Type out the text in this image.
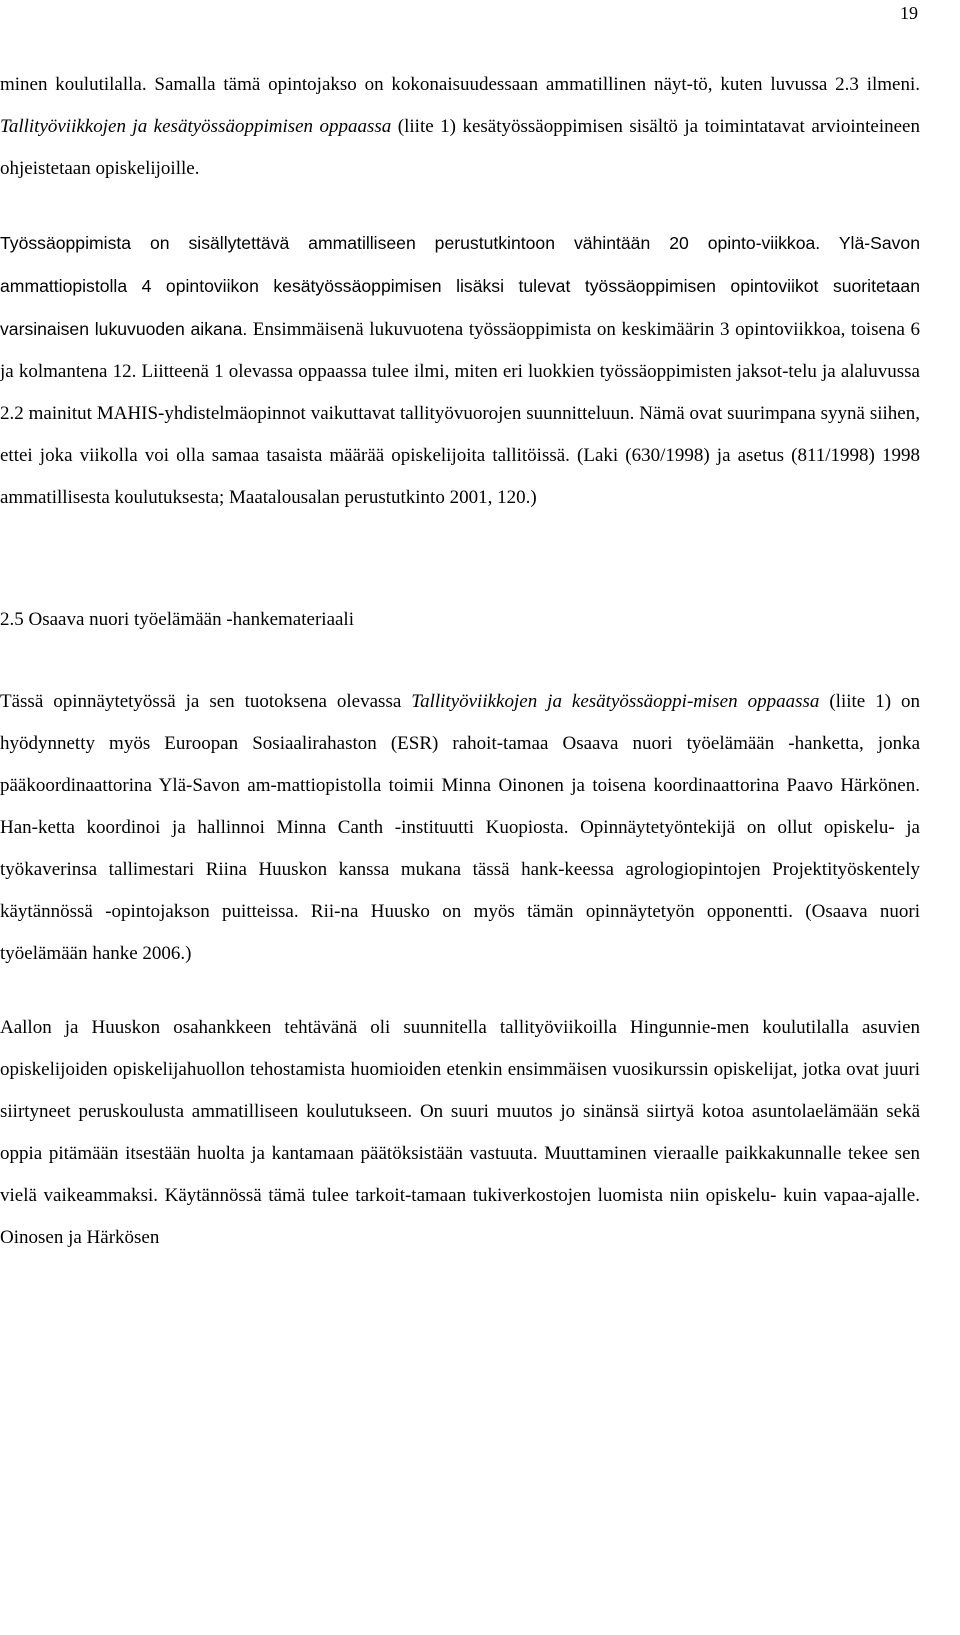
19

minen koulutilalla. Samalla tämä opintojakso on kokonaisuudessaan ammatillinen näyt-tö, kuten luvussa 2.3 ilmeni. Tallityöviikkojen ja kesätyössäoppimisen oppaassa (liite 1) kesätyössäoppimisen sisältö ja toimintatavat arviointeineen ohjeistetaan opiskelijoille.

Työssäoppimista on sisällytettävä ammatilliseen perustutkintoon vähintään 20 opinto-viikkoa. Ylä-Savon ammattiopistolla 4 opintoviikon kesätyössäoppimisen lisäksi tulevat työssäoppimisen opintoviikot suoritetaan varsinaisen lukuvuoden aikana. Ensimmäisenä lukuvuotena työssäoppimista on keskimäärin 3 opintoviikkoa, toisena 6 ja kolmantena 12. Liitteenä 1 olevassa oppaassa tulee ilmi, miten eri luokkien työssäoppimisten jaksot-telu ja alaluvussa 2.2 mainitut MAHIS-yhdistelmäopinnot vaikuttavat tallityövuorojen suunnitteluun. Nämä ovat suurimpana syynä siihen, ettei joka viikolla voi olla samaa tasaista määrää opiskelijoita tallitöissä. (Laki (630/1998) ja asetus (811/1998) 1998 ammatillisesta koulutuksesta; Maatalousalan perustutkinto 2001, 120.)

2.5 Osaava nuori työelämään -hankemateriaali

Tässä opinnäytetyössä ja sen tuotoksena olevassa Tallityöviikkojen ja kesätyössäoppi-misen oppaassa (liite 1) on hyödynnetty myös Euroopan Sosiaalirahaston (ESR) rahoit-tamaa Osaava nuori työelämään -hanketta, jonka pääkoordinaattorina Ylä-Savon am-mattiopistolla toimii Minna Oinonen ja toisena koordinaattorina Paavo Härkönen. Han-ketta koordinoi ja hallinnoi Minna Canth -instituutti Kuopiosta. Opinnäytetyöntekijä on ollut opiskelu- ja työkaverinsa tallimestari Riina Huuskon kanssa mukana tässä hank-keessa agrologiopintojen Projektityöskentely käytännössä -opintojakson puitteissa. Rii-na Huusko on myös tämän opinnäytetyön opponentti. (Osaava nuori työelämään hanke 2006.)

Aallon ja Huuskon osahankkeen tehtävänä oli suunnitella tallityöviikoilla Hingunnie-men koulutilalla asuvien opiskelijoiden opiskelijahuollon tehostamista huomioiden etenkin ensimmäisen vuosikurssin opiskelijat, jotka ovat juuri siirtyneet peruskoulusta ammatilliseen koulutukseen. On suuri muutos jo sinänsä siirtyä kotoa asuntolaelämään sekä oppia pitämään itsestään huolta ja kantamaan päätöksistään vastuuta. Muuttaminen vieraalle paikkakunnalle tekee sen vielä vaikeammaksi. Käytännössä tämä tulee tarkoit-tamaan tukiverkostojen luomista niin opiskelu- kuin vapaa-ajalle. Oinosen ja Härkösen
